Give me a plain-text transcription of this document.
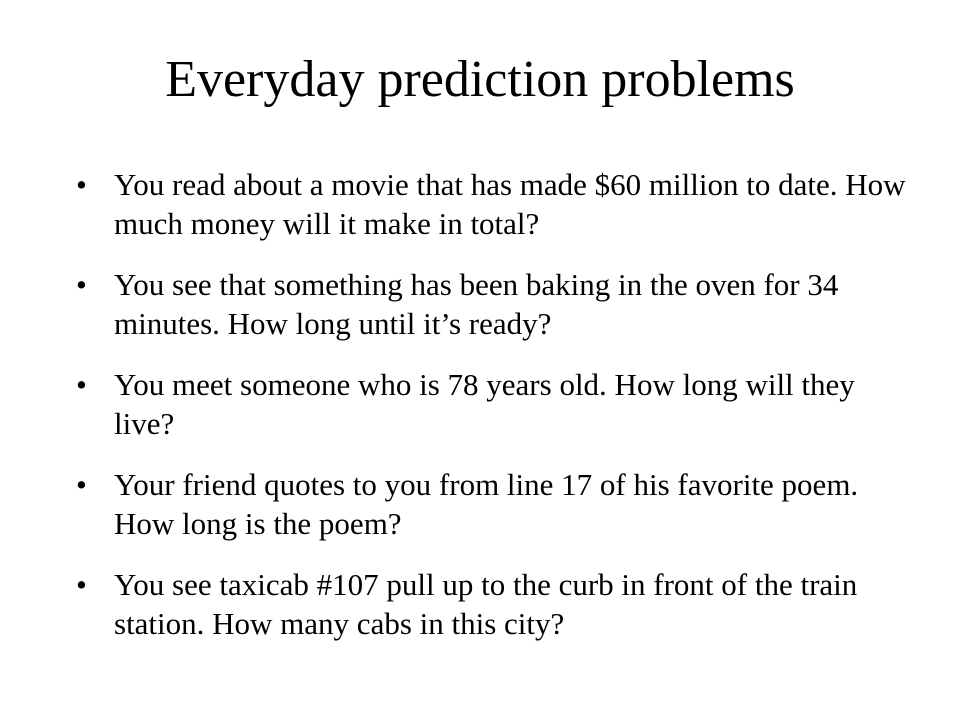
Everyday prediction problems
• You read about a movie that has made $60 million to date. How much money will it make in total?
• You see that something has been baking in the oven for 34 minutes. How long until it’s ready?
• You meet someone who is 78 years old. How long will they live?
• Your friend quotes to you from line 17 of his favorite poem. How long is the poem?
• You see taxicab #107 pull up to the curb in front of the train station. How many cabs in this city?
